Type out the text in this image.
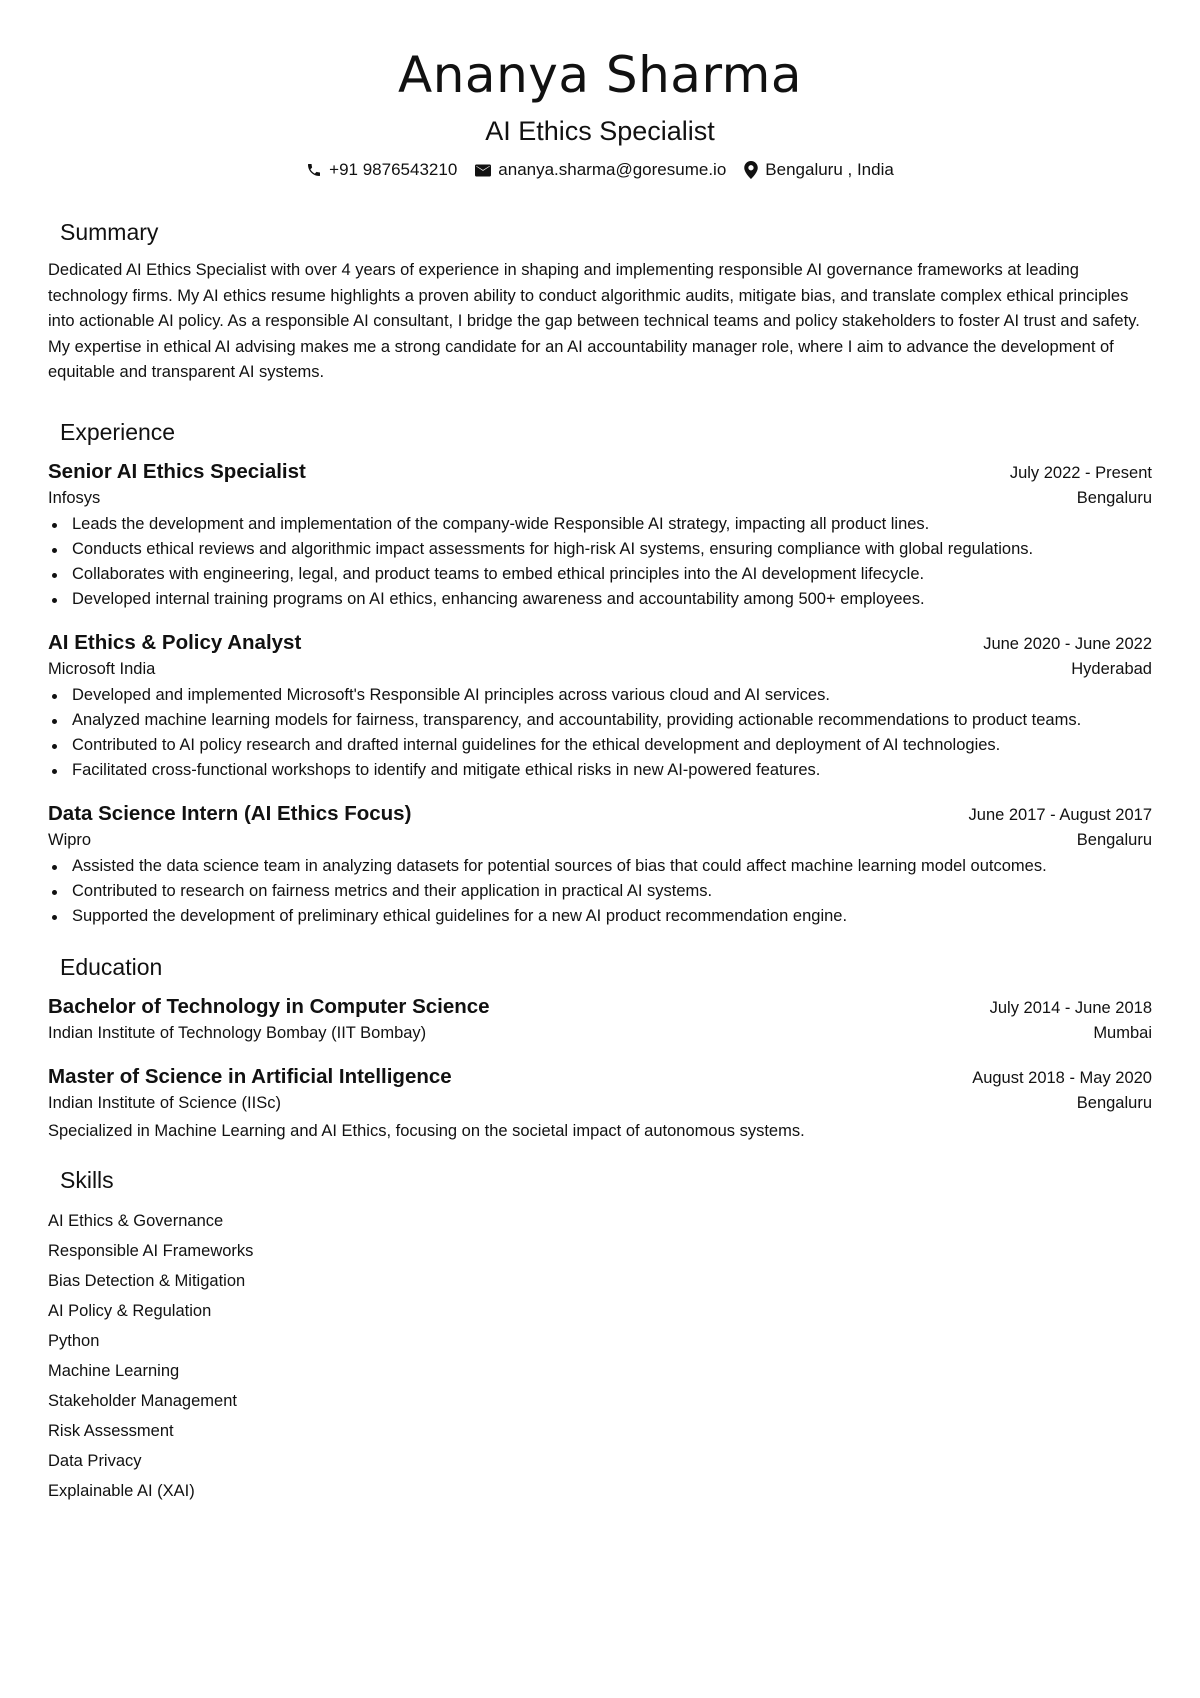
Ananya Sharma
AI Ethics Specialist
+91 9876543210 ananya.sharma@goresume.io Bengaluru , India
Summary

Dedicated AI Ethics Specialist with over 4 years of experience in shaping and implementing responsible AI governance frameworks at leading technology firms. My AI ethics resume highlights a proven ability to conduct algorithmic audits, mitigate bias, and translate complex ethical principles into actionable AI policy. As a responsible AI consultant, I bridge the gap between technical teams and policy stakeholders to foster AI trust and safety. My expertise in ethical AI advising makes me a strong candidate for an AI accountability manager role, where I aim to advance the development of equitable and transparent AI systems.

Experience
Senior AI Ethics Specialist	July 2022 - Present
Infosys	Bengaluru
Leads the development and implementation of the company-wide Responsible AI strategy, impacting all product lines.
Conducts ethical reviews and algorithmic impact assessments for high-risk AI systems, ensuring compliance with global regulations.
Collaborates with engineering, legal, and product teams to embed ethical principles into the AI development lifecycle.
Developed internal training programs on AI ethics, enhancing awareness and accountability among 500+ employees.
AI Ethics & Policy Analyst	June 2020 - June 2022
Microsoft India	Hyderabad
Developed and implemented Microsoft's Responsible AI principles across various cloud and AI services.
Analyzed machine learning models for fairness, transparency, and accountability, providing actionable recommendations to product teams.
Contributed to AI policy research and drafted internal guidelines for the ethical development and deployment of AI technologies.
Facilitated cross-functional workshops to identify and mitigate ethical risks in new AI-powered features.
Data Science Intern (AI Ethics Focus)	June 2017 - August 2017
Wipro	Bengaluru
Assisted the data science team in analyzing datasets for potential sources of bias that could affect machine learning model outcomes.
Contributed to research on fairness metrics and their application in practical AI systems.
Supported the development of preliminary ethical guidelines for a new AI product recommendation engine.
Education
Bachelor of Technology in Computer Science	July 2014 - June 2018
Indian Institute of Technology Bombay (IIT Bombay)	Mumbai
Master of Science in Artificial Intelligence	August 2018 - May 2020
Indian Institute of Science (IISc)	Bengaluru

Specialized in Machine Learning and AI Ethics, focusing on the societal impact of autonomous systems.

Skills
AI Ethics & Governance
Responsible AI Frameworks
Bias Detection & Mitigation
AI Policy & Regulation
Python
Machine Learning
Stakeholder Management
Risk Assessment
Data Privacy
Explainable AI (XAI)
